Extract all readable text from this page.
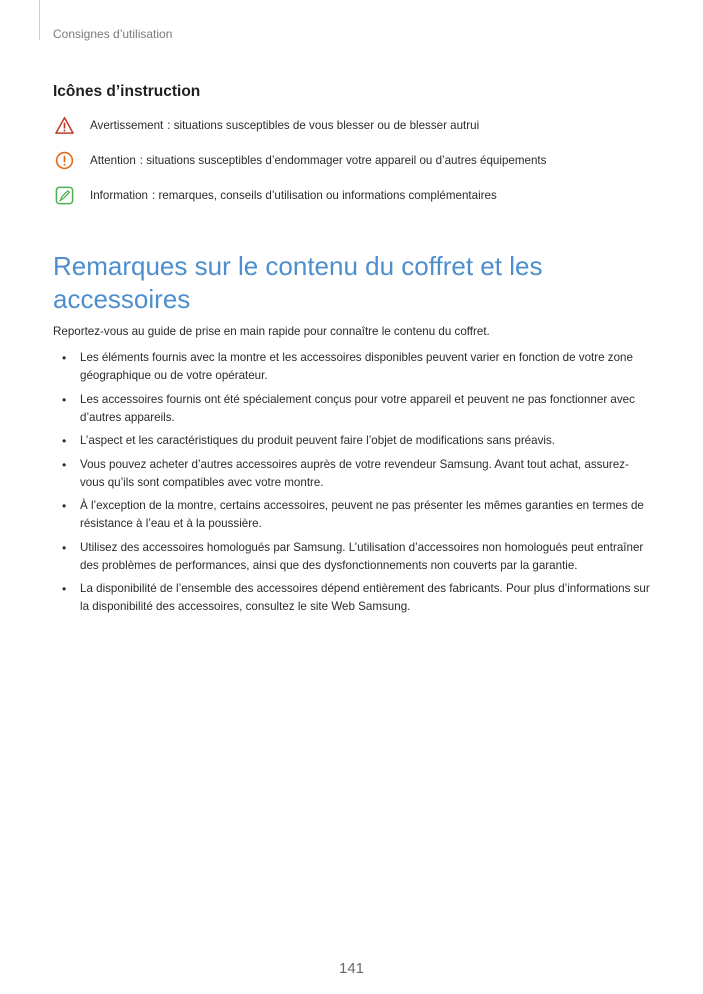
Consignes d’utilisation
Icônes d’instruction
Avertissement : situations susceptibles de vous blesser ou de blesser autrui
Attention : situations susceptibles d’endommager votre appareil ou d’autres équipements
Information : remarques, conseils d’utilisation ou informations complémentaires
Remarques sur le contenu du coffret et les
accessoires

Reportez-vous au guide de prise en main rapide pour connaître le contenu du coffret.

• Les éléments fournis avec la montre et les accessoires disponibles peuvent varier en fonction de votre zone géographique ou de votre opérateur.
• Les accessoires fournis ont été spécialement conçus pour votre appareil et peuvent ne pas fonctionner avec d’autres appareils.
• L’aspect et les caractéristiques du produit peuvent faire l’objet de modifications sans préavis.
• Vous pouvez acheter d’autres accessoires auprès de votre revendeur Samsung. Avant tout achat, assurez-vous qu’ils sont compatibles avec votre montre.
• À l’exception de la montre, certains accessoires, peuvent ne pas présenter les mêmes garanties en termes de résistance à l’eau et à la poussière.
• Utilisez des accessoires homologués par Samsung. L’utilisation d’accessoires non homologués peut entraîner des problèmes de performances, ainsi que des dysfonctionnements non couverts par la garantie.
• La disponibilité de l’ensemble des accessoires dépend entièrement des fabricants. Pour plus d’informations sur la disponibilité des accessoires, consultez le site Web Samsung.
141
